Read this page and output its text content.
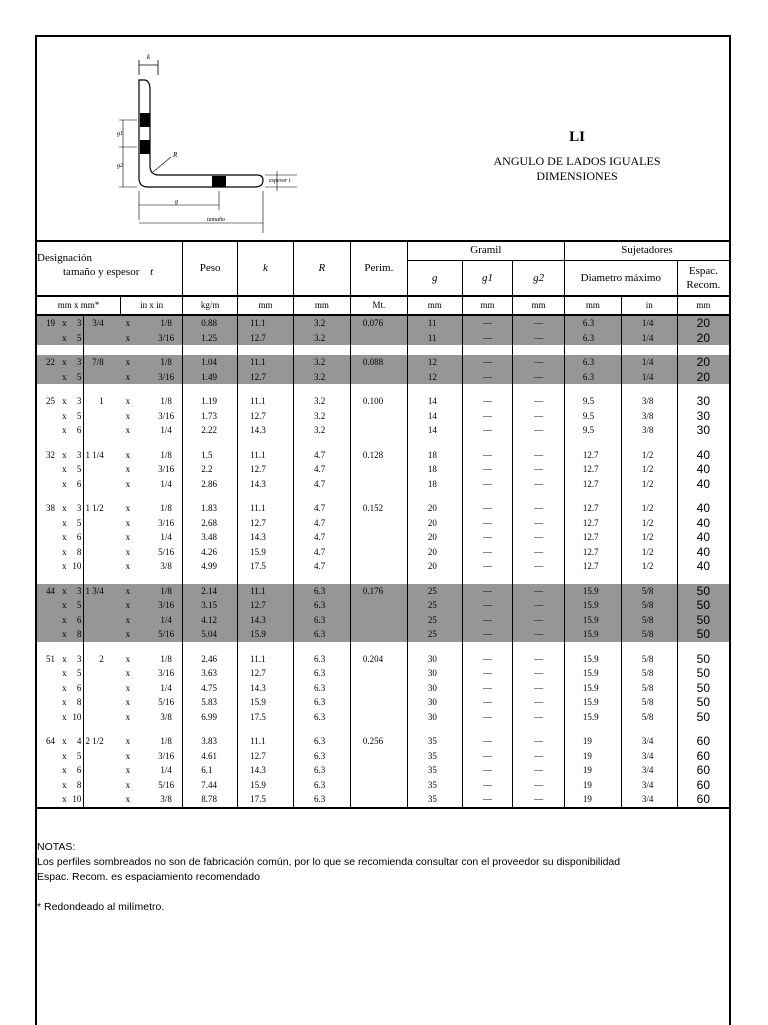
k
g1
g2
R
espesor t
g
tamaño
LI
ANGULO DE LADOS IGUALES
DIMENSIONES
Designación
tamaño y espesor t								Peso	k	R	Perim.	Gramil			Sujetadores		
												g	g1	g2	Diametro máximo		Espac. Recom.
mm x mm*					in x in			kg/m	mm	mm	Mt.	mm	mm	mm	mm	in	mm
19	x	3	3/4		x		1/8	0.88	11.1	3.2	0.076	11	—	—	6.3	1/4	20
	x	5			x		3/16	1.25	12.7	3.2		11	—	—	6.3	1/4	20

22	x	3	7/8		x		1/8	1.04	11.1	3.2	0.088	12	—	—	6.3	1/4	20
	x	5			x		3/16	1.49	12.7	3.2		12	—	—	6.3	1/4	20

25	x	3	1		x		1/8	1.19	11.1	3.2	0.100	14	—	—	9.5	3/8	30
	x	5			x		3/16	1.73	12.7	3.2		14	—	—	9.5	3/8	30
	x	6			x		1/4	2.22	14.3	3.2		14	—	—	9.5	3/8	30

32	x	3	1 1/4		x		1/8	1.5	11.1	4.7	0.128	18	—	—	12.7	1/2	40
	x	5			x		3/16	2.2	12.7	4.7		18	—	—	12.7	1/2	40
	x	6			x		1/4	2.86	14.3	4.7		18	—	—	12.7	1/2	40

38	x	3	1 1/2		x		1/8	1.83	11.1	4.7	0.152	20	—	—	12.7	1/2	40
	x	5			x		3/16	2.68	12.7	4.7		20	—	—	12.7	1/2	40
	x	6			x		1/4	3.48	14.3	4.7		20	—	—	12.7	1/2	40
	x	8			x		5/16	4.26	15.9	4.7		20	—	—	12.7	1/2	40
	x	10			x		3/8	4.99	17.5	4.7		20	—	—	12.7	1/2	40

44	x	3	1 3/4		x		1/8	2.14	11.1	6.3	0.176	25	—	—	15.9	5/8	50
	x	5			x		3/16	3.15	12.7	6.3		25	—	—	15.9	5/8	50
	x	6			x		1/4	4.12	14.3	6.3		25	—	—	15.9	5/8	50
	x	8			x		5/16	5.04	15.9	6.3		25	—	—	15.9	5/8	50

51	x	3	2		x		1/8	2.46	11.1	6.3	0.204	30	—	—	15.9	5/8	50
	x	5			x		3/16	3.63	12.7	6.3		30	—	—	15.9	5/8	50
	x	6			x		1/4	4.75	14.3	6.3		30	—	—	15.9	5/8	50
	x	8			x		5/16	5.83	15.9	6.3		30	—	—	15.9	5/8	50
	x	10			x		3/8	6.99	17.5	6.3		30	—	—	15.9	5/8	50

64	x	4	2 1/2		x		1/8	3.83	11.1	6.3	0.256	35	—	—	19	3/4	60
	x	5			x		3/16	4.61	12.7	6.3		35	—	—	19	3/4	60
	x	6			x		1/4	6.1	14.3	6.3		35	—	—	19	3/4	60
	x	8			x		5/16	7.44	15.9	6.3		35	—	—	19	3/4	60
	x	10			x		3/8	8.78	17.5	6.3		35	—	—	19	3/4	60
NOTAS:
Los perfiles sombreados no son de fabricación común, por lo que se recomienda consultar con el proveedor su disponibilidad
Espac. Recom. es espaciamiento recomendado
* Redondeado al milímetro.
